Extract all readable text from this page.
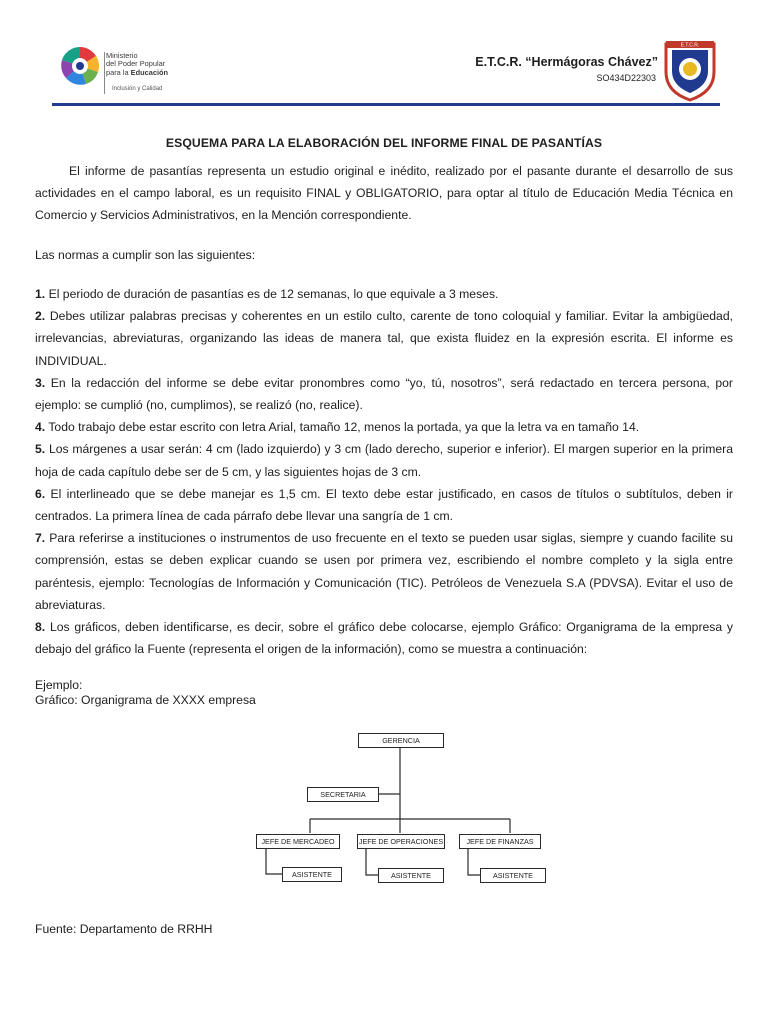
Ministerio
del Poder Popular
para la Educación
Inclusión y Calidad
E.T.C.R. “Hermágoras Chávez”
SO434D22303
E.T.C.R.
ESQUEMA PARA LA ELABORACIÓN DEL INFORME FINAL DE PASANTÍAS
El informe de pasantías representa un estudio original e inédito, realizado por el pasante durante el desarrollo de sus actividades en el campo laboral, es un requisito FINAL y OBLIGATORIO, para optar al título de Educación Media Técnica en Comercio y Servicios Administrativos, en la Mención correspondiente.
Las normas a cumplir son las siguientes:

1. El periodo de duración de pasantías es de 12 semanas, lo que equivale a 3 meses.

2. Debes utilizar palabras precisas y coherentes en un estilo culto, carente de tono coloquial y familiar. Evitar la ambigüedad, irrelevancias, abreviaturas, organizando las ideas de manera tal, que exista fluidez en la expresión escrita. El informe es INDIVIDUAL.

3. En la redacción del informe se debe evitar pronombres como “yo, tú, nosotros”, será redactado en tercera persona, por ejemplo: se cumplió (no, cumplimos), se realizó (no, realice).

4. Todo trabajo debe estar escrito con letra Arial, tamaño 12, menos la portada, ya que la letra va en tamaño 14.

5. Los márgenes a usar serán: 4 cm (lado izquierdo) y 3 cm (lado derecho, superior e inferior). El margen superior en la primera hoja de cada capítulo debe ser de 5 cm, y las siguientes hojas de 3 cm.

6. El interlineado que se debe manejar es 1,5 cm. El texto debe estar justificado, en casos de títulos o subtítulos, deben ir centrados. La primera línea de cada párrafo debe llevar una sangría de 1 cm.

7. Para referirse a instituciones o instrumentos de uso frecuente en el texto se pueden usar siglas, siempre y cuando facilite su comprensión, estas se deben explicar cuando se usen por primera vez, escribiendo el nombre completo y la sigla entre paréntesis, ejemplo: Tecnologías de Información y Comunicación (TIC). Petróleos de Venezuela S.A (PDVSA). Evitar el uso de abreviaturas.

8. Los gráficos, deben identificarse, es decir, sobre el gráfico debe colocarse, ejemplo Gráfico: Organigrama de la empresa y debajo del gráfico la Fuente (representa el origen de la información), como se muestra a continuación:

Ejemplo:
Gráfico: Organigrama de XXXX empresa
GERENCIA
SECRETARIA
JEFE DE MERCADEO	JEFE DE OPERACIONES	JEFE DE FINANZAS
ASISTENTE	ASISTENTE	ASISTENTE
Fuente: Departamento de RRHH
